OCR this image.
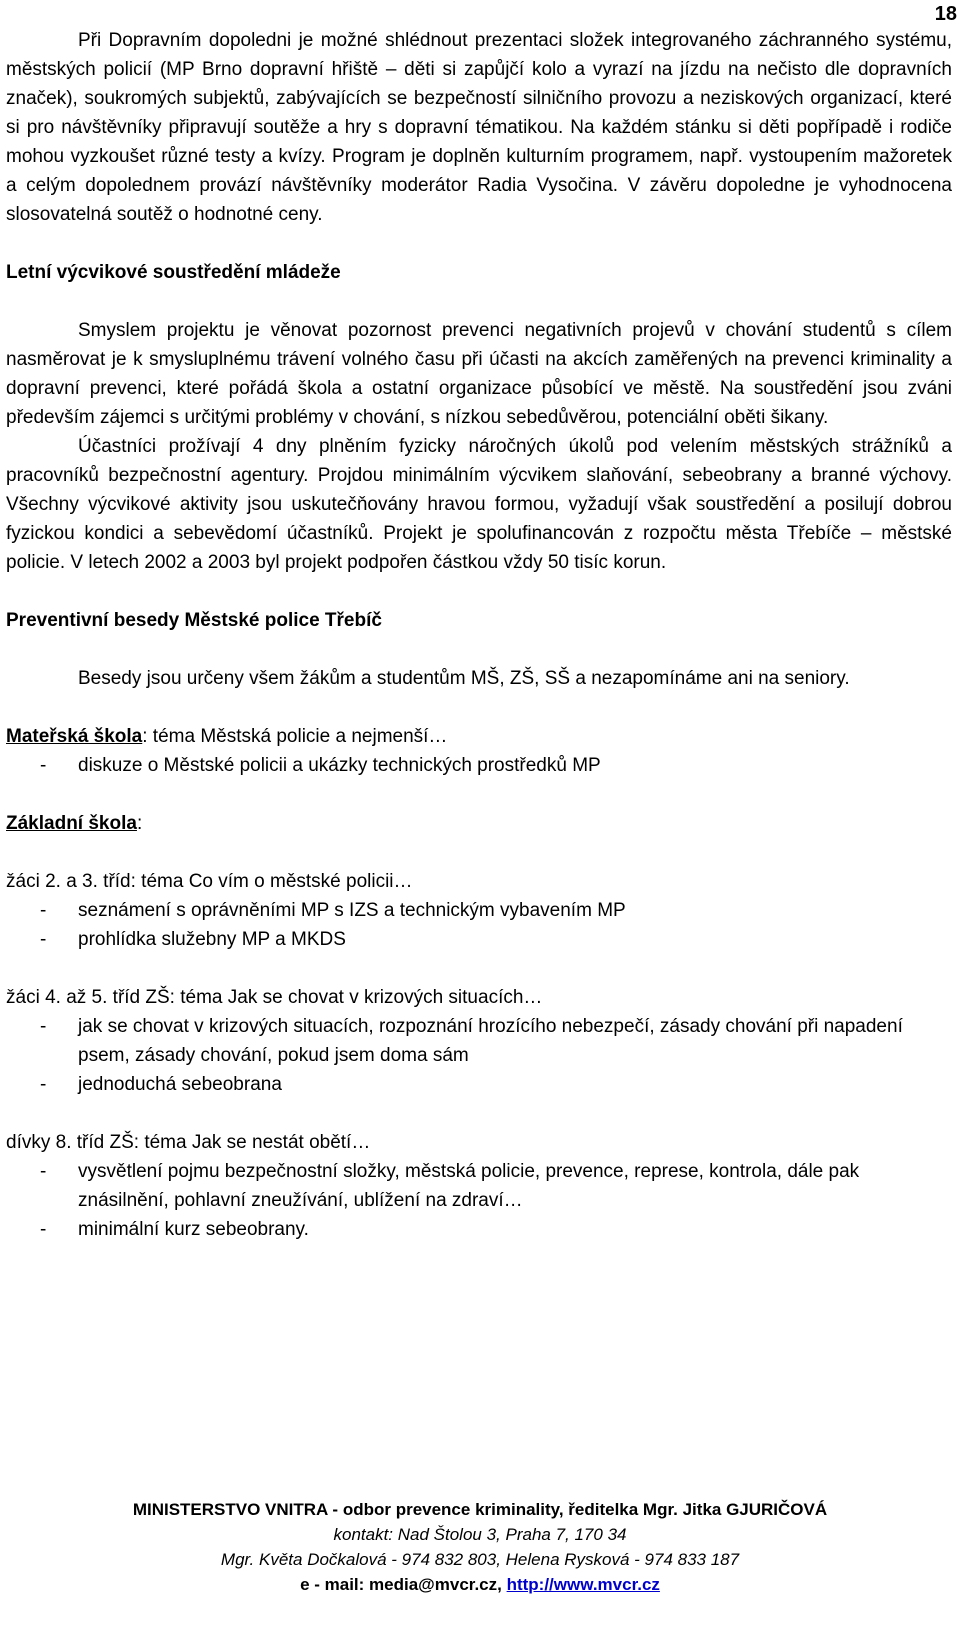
18

Při Dopravním dopoledni je možné shlédnout prezentaci složek integrovaného záchranného systému, městských policií (MP Brno dopravní hřiště – děti si zapůjčí kolo a vyrazí na jízdu na nečisto dle dopravních značek), soukromých subjektů, zabývajících se bezpečností silničního provozu a neziskových organizací, které si pro návštěvníky připravují soutěže a hry s dopravní tématikou. Na každém stánku si děti popřípadě i rodiče mohou vyzkoušet různé testy a kvízy. Program je doplněn kulturním programem, např. vystoupením mažoretek a celým dopolednem provází návštěvníky moderátor Radia Vysočina. V závěru dopoledne je vyhodnocena slosovatelná soutěž o hodnotné ceny.

Letní výcvikové soustředění mládeže

Smyslem projektu je věnovat pozornost prevenci negativních projevů v chování studentů s cílem nasměrovat je k smysluplnému trávení volného času při účasti na akcích zaměřených na prevenci kriminality a dopravní prevenci, které pořádá škola a ostatní organizace působící ve městě. Na soustředění jsou zváni především zájemci s určitými problémy v chování, s nízkou sebedůvěrou, potenciální oběti šikany.

Účastníci prožívají 4 dny plněním fyzicky náročných úkolů pod velením městských strážníků a pracovníků bezpečnostní agentury. Projdou minimálním výcvikem slaňování, sebeobrany a branné výchovy. Všechny výcvikové aktivity jsou uskutečňovány hravou formou, vyžadují však soustředění a posilují dobrou fyzickou kondici a sebevědomí účastníků. Projekt je spolufinancován z rozpočtu města Třebíče – městské policie. V letech 2002 a 2003 byl projekt podpořen částkou vždy 50 tisíc korun.

Preventivní besedy Městské police Třebíč

Besedy jsou určeny všem žákům a studentům MŠ, ZŠ, SŠ a nezapomínáme ani na seniory.

Mateřská škola: téma Městská policie a nejmenší…
- diskuze o Městské policii a ukázky technických prostředků MP
Základní škola:
žáci 2. a 3. tříd: téma Co vím o městské policii…
- seznámení s oprávněními MP s IZS a technickým vybavením MP
- prohlídka služebny MP a MKDS
žáci 4. až 5. tříd ZŠ: téma Jak se chovat v krizových situacích…
- jak se chovat v krizových situacích, rozpoznání hrozícího nebezpečí, zásady chování při napadení psem, zásady chování, pokud jsem doma sám
- jednoduchá sebeobrana
dívky 8. tříd ZŠ: téma Jak se nestát obětí…
- vysvětlení pojmu bezpečnostní složky, městská policie, prevence, represe, kontrola, dále pak znásilnění, pohlavní zneužívání, ublížení na zdraví…
- minimální kurz sebeobrany.
MINISTERSTVO VNITRA - odbor prevence kriminality, ředitelka Mgr. Jitka GJURIČOVÁ
kontakt: Nad Štolou 3, Praha 7, 170 34
Mgr. Květa Dočkalová - 974 832 803, Helena Rysková - 974 833 187
e - mail: media@mvcr.cz, http://www.mvcr.cz
